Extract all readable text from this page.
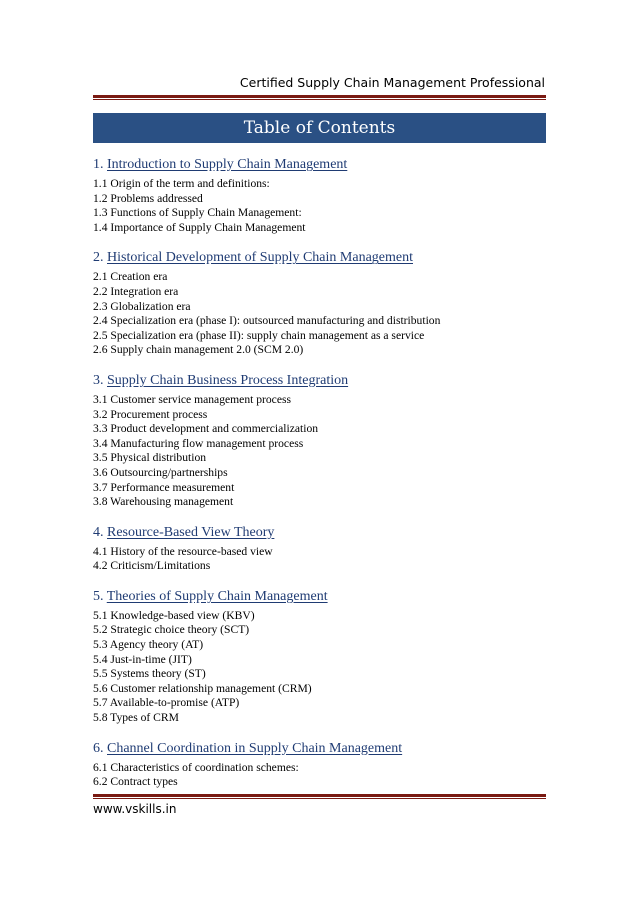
Certified Supply Chain Management Professional
Table of Contents
1. Introduction to Supply Chain Management
1.1 Origin of the term and definitions:
1.2 Problems addressed
1.3 Functions of Supply Chain Management:
1.4 Importance of Supply Chain Management
2. Historical Development of Supply Chain Management
2.1 Creation era
2.2 Integration era
2.3 Globalization era
2.4 Specialization era (phase I): outsourced manufacturing and distribution
2.5 Specialization era (phase II): supply chain management as a service
2.6 Supply chain management 2.0 (SCM 2.0)
3. Supply Chain Business Process Integration
3.1 Customer service management process
3.2 Procurement process
3.3 Product development and commercialization
3.4 Manufacturing flow management process
3.5 Physical distribution
3.6 Outsourcing/partnerships
3.7 Performance measurement
3.8 Warehousing management
4. Resource-Based View Theory
4.1 History of the resource-based view
4.2 Criticism/Limitations
5. Theories of Supply Chain Management
5.1 Knowledge-based view (KBV)
5.2 Strategic choice theory (SCT)
5.3 Agency theory (AT)
5.4 Just-in-time (JIT)
5.5 Systems theory (ST)
5.6 Customer relationship management (CRM)
5.7 Available-to-promise (ATP)
5.8 Types of CRM
6. Channel Coordination in Supply Chain Management
6.1 Characteristics of coordination schemes:
6.2 Contract types
www.vskills.in
